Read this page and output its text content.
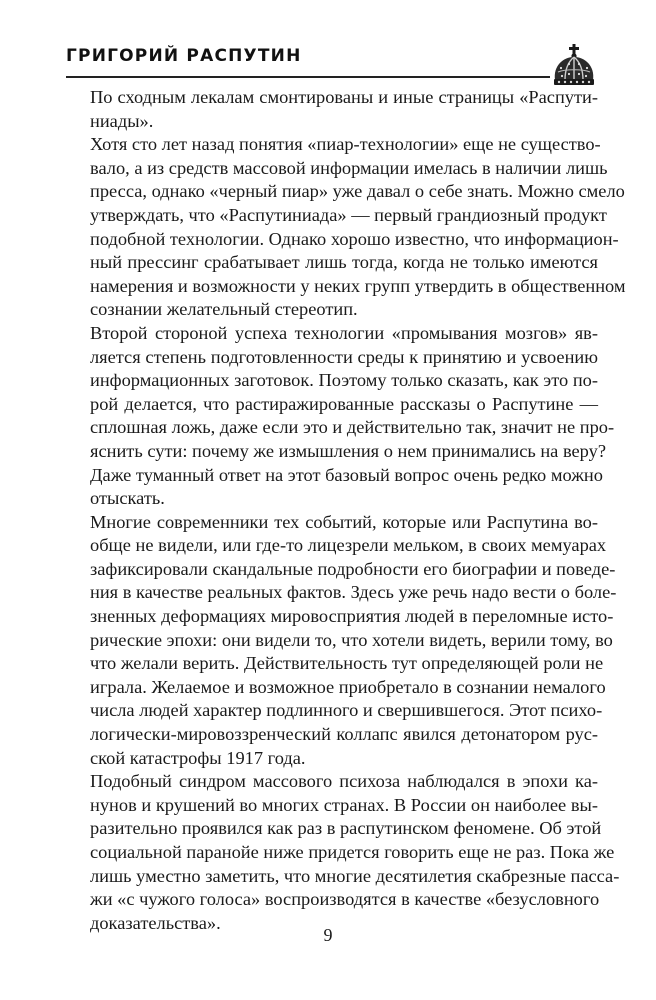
ГРИГОРИЙ РАСПУТИН

По сходным лекалам смонтированы и иные страницы «Распути-
ниады».

Хотя сто лет назад понятия «пиар-технологии» еще не существо-
вало, а из средств массовой информации имелась в наличии лишь
пресса, однако «черный пиар» уже давал о себе знать. Можно смело
утверждать, что «Распутиниада» — первый грандиозный продукт
подобной технологии. Однако хорошо известно, что информацион-
ный прессинг срабатывает лишь тогда, когда не только имеются
намерения и возможности у неких групп утвердить в общественном
сознании желательный стереотип.

Второй стороной успеха технологии «промывания мозгов» яв-
ляется степень подготовленности среды к принятию и усвоению
информационных заготовок. Поэтому только сказать, как это по-
рой делается, что растиражированные рассказы о Распутине —
сплошная ложь, даже если это и действительно так, значит не про-
яснить сути: почему же измышления о нем принимались на веру?
Даже туманный ответ на этот базовый вопрос очень редко можно
отыскать.

Многие современники тех событий, которые или Распутина во-
обще не видели, или где-то лицезрели мельком, в своих мемуарах
зафиксировали скандальные подробности его биографии и поведе-
ния в качестве реальных фактов. Здесь уже речь надо вести о боле-
зненных деформациях мировосприятия людей в переломные исто-
рические эпохи: они видели то, что хотели видеть, верили тому, во
что желали верить. Действительность тут определяющей роли не
играла. Желаемое и возможное приобретало в сознании немалого
числа людей характер подлинного и свершившегося. Этот психо-
логически-мировоззренческий коллапс явился детонатором рус-
ской катастрофы 1917 года.

Подобный синдром массового психоза наблюдался в эпохи ка-
нунов и крушений во многих странах. В России он наиболее вы-
разительно проявился как раз в распутинском феномене. Об этой
социальной паранойе ниже придется говорить еще не раз. Пока же
лишь уместно заметить, что многие десятилетия скабрезные пасса-
жи «с чужого голоса» воспроизводятся в качестве «безусловного
доказательства».

9
